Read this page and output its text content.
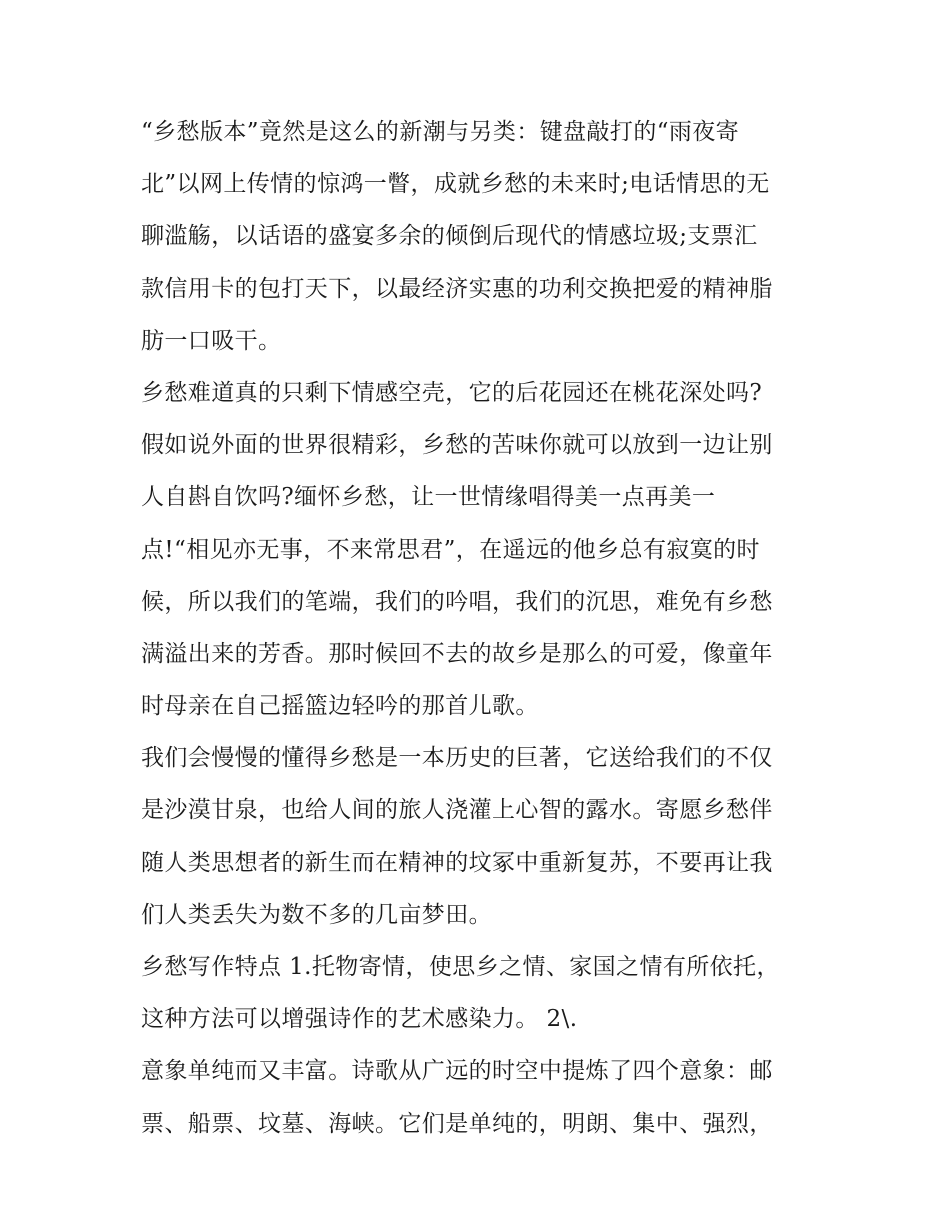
“乡愁版本”竟然是这么的新潮与另类：键盘敲打的“雨夜寄
北”以网上传情的惊鸿一瞥，成就乡愁的未来时;电话情思的无
聊滥觞，以话语的盛宴多余的倾倒后现代的情感垃圾;支票汇
款信用卡的包打天下，以最经济实惠的功利交换把爱的精神脂
肪一口吸干。
乡愁难道真的只剩下情感空壳，它的后花园还在桃花深处吗?
假如说外面的世界很精彩，乡愁的苦味你就可以放到一边让别
人自斟自饮吗?缅怀乡愁，让一世情缘唱得美一点再美一
点!“相见亦无事，不来常思君”，在遥远的他乡总有寂寞的时
候，所以我们的笔端，我们的吟唱，我们的沉思，难免有乡愁
满溢出来的芳香。那时候回不去的故乡是那么的可爱，像童年
时母亲在自己摇篮边轻吟的那首儿歌。
我们会慢慢的懂得乡愁是一本历史的巨著，它送给我们的不仅
是沙漠甘泉，也给人间的旅人浇灌上心智的露水。寄愿乡愁伴
随人类思想者的新生而在精神的坟冢中重新复苏，不要再让我
们人类丢失为数不多的几亩梦田。
乡愁写作特点 1.托物寄情，使思乡之情、家国之情有所依托，
这种方法可以增强诗作的艺术感染力。 2\.
意象单纯而又丰富。诗歌从广远的时空中提炼了四个意象：邮
票、船票、坟墓、海峡。它们是单纯的，明朗、集中、强烈，
